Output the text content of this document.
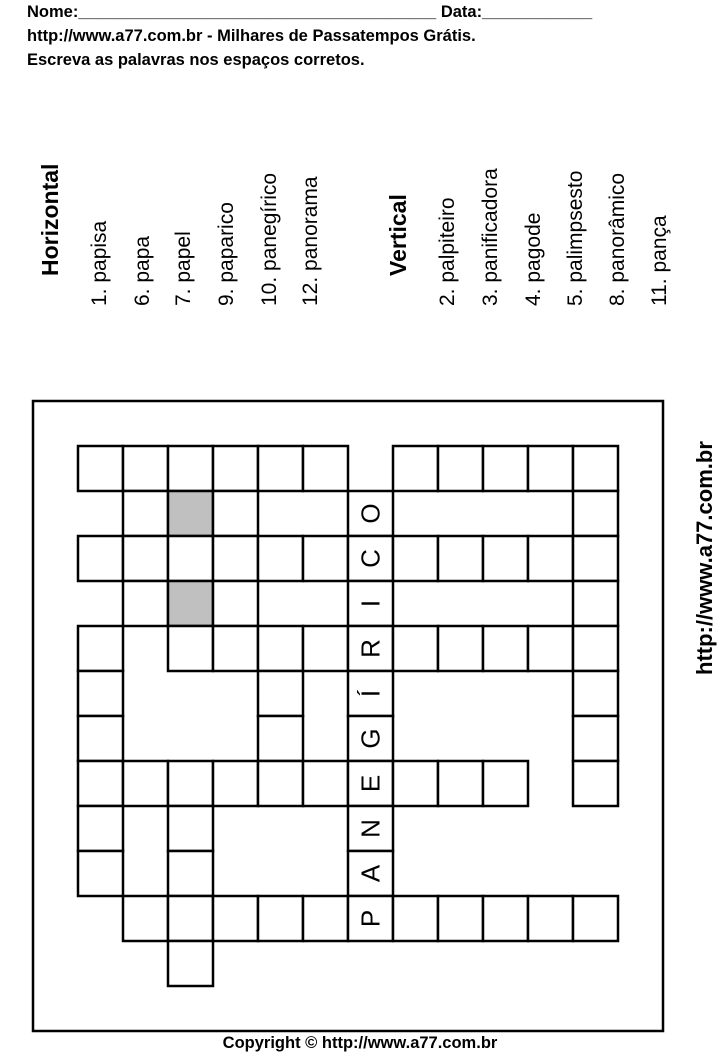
Nome:_______________________________________ Data:____________
http://www.a77.com.br - Milhares de Passatempos Grátis.
Escreva as palavras nos espaços corretos.
Horizontal 1. papisa 6. papa 7. papel 9. paparico 10. panegírico 12. panorama	Vertical 2. palpiteiro 3. panificadora 4. pagode 5. palimpsesto 8. panorâmico 11. pança
P
A
N
E
G
Í
R
I
C
O	http://www.a77.com.br
Copyright © http://www.a77.com.br
